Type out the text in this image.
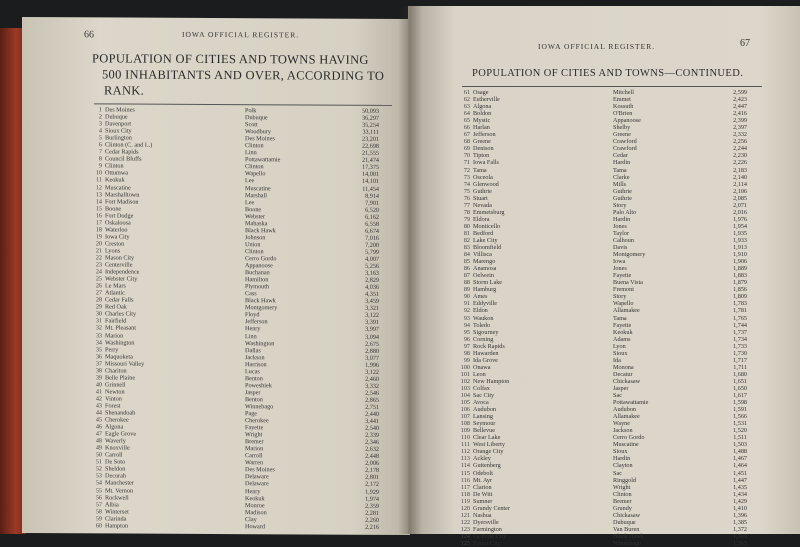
66	IOWA OFFICIAL REGISTER.
POPULATION OF CITIES AND TOWNS HAVING
500 INHABITANTS AND OVER, ACCORDING TO
RANK.
1 Des Moines	Polk	50,093
2 Dubuque	Dubuque	36,297
3 Davenport	Scott	35,254
4 Sioux City	Woodbury	33,111
5 Burlington	Des Moines	23,201
6 Clinton (C. and L.)	Clinton	22,698
7 Cedar Rapids	Linn	21,555
8 Council Bluffs	Pottawattamie	21,474
9 Clinton	Clinton	17,375
10 Ottumwa	Wapello	14,001
11 Keokuk	Lee	14,101
12 Muscatine	Muscatine	11,454
13 Marshalltown	Marshall	8,914
14 Fort Madison	Lee	7,901
15 Boone	Boone	6,520
16 Fort Dodge	Webster	6,162
17 Oskaloosa	Mahaska	6,558
18 Waterloo	Black Hawk	6,674
19 Iowa City	Johnson	7,016
20 Creston	Union	7,200
21 Lyons	Clinton	5,799
22 Mason City	Cerro Gordo	4,007
23 Centerville	Appanoose	5,256
24 Independence	Buchanan	3,163
25 Webster City	Hamilton	2,829
26 Le Mars	Plymouth	4,036
27 Atlantic	Cass	4,351
28 Cedar Falls	Black Hawk	3,459
29 Red Oak	Montgomery	3,321
30 Charles City	Floyd	3,122
31 Fairfield	Jefferson	3,391
32 Mt. Pleasant	Henry	3,997
33 Marion	Linn	3,094
34 Washington	Washington	2,675
35 Perry	Dallas	2,880
36 Maquoketa	Jackson	3,077
37 Missouri Valley	Harrison	1,996
38 Chariton	Lucas	3,122
39 Belle Plaine	Benton	2,460
40 Grinnell	Poweshiek	3,332
41 Newton	Jasper	2,546
42 Vinton	Benton	2,865
43 Forest	Winnebago	2,751
44 Shenandoah	Page	2,440
45 Cherokee	Cherokee	3,441
46 Algona	Fayette	2,540
47 Eagle Grove	Wright	2,339
48 Waverly	Bremer	2,346
49 Knoxville	Marion	2,632
50 Carroll	Carroll	2,448
51 De Soto	Warren	2,006
52 Sheldon	Des Moines	2,178
53 Decorah	Delaware	2,801
54 Manchester	Delaware	2,172
55 Mt. Vernon	Henry	1,929
56 Rockwell	Keokuk	1,974
57 Albia	Monroe	2,359
58 Winterset	Madison	2,281
59 Clarinda	Clay	2,260
60 Hampton	Howard	2,216
IOWA OFFICIAL REGISTER.	67
POPULATION OF CITIES AND TOWNS—CONTINUED.
61 Osage	Mitchell	2,599
62 Estherville	Emmet	2,423
63 Algona	Kossuth	2,447
64 Boldon	O'Brien	2,416
65 Mystic	Appanoose	2,399
66 Harlan	Shelby	2,397
67 Jefferson	Greene	2,332
68 Greene	Crawford	2,256
69 Denison	Crawford	2,244
70 Tipton	Cedar	2,230
71 Iowa Falls	Hardin	2,226
72 Tama	Tama	2,183
73 Osceola	Clarke	2,140
74 Glenwood	Mills	2,114
75 Guthrie	Guthrie	2,106
76 Stuart	Guthrie	2,085
77 Nevada	Story	2,071
78 Emmetsburg	Palo Alto	2,016
79 Eldora	Hardin	1,976
80 Monticello	Jones	1,954
81 Bedford	Taylor	1,935
82 Lake City	Calhoun	1,933
83 Bloomfield	Davis	1,913
84 Villisca	Montgomery	1,910
85 Marengo	Iowa	1,906
86 Anamosa	Jones	1,889
87 Oelwein	Fayette	1,883
88 Storm Lake	Buena Vista	1,879
89 Hamburg	Fremont	1,856
90 Ames	Story	1,809
91 Eddyville	Wapello	1,783
92 Eldon	Allamakee	1,781
93 Waukon	Tama	1,765
94 Toledo	Fayette	1,744
95 Sigourney	Keokuk	1,737
96 Corning	Adams	1,734
97 Rock Rapids	Lyon	1,733
98 Hawarden	Sioux	1,730
99 Ida Grove	Ida	1,717
100 Onawa	Monona	1,711
101 Leon	Decatur	1,680
102 New Hampton	Chickasaw	1,651
103 Colfax	Jasper	1,650
104 Sac City	Sac	1,617
105 Avoca	Pottawattamie	1,598
106 Audubon	Audubon	1,591
107 Lansing	Allamakee	1,566
108 Seymour	Wayne	1,531
109 Bellevue	Jackson	1,520
110 Clear Lake	Cerro Gordo	1,511
111 West Liberty	Muscatine	1,503
112 Orange City	Sioux	1,488
113 Ackley	Hardin	1,467
114 Guttenberg	Clayton	1,464
115 Odebolt	Sac	1,451
116 Mt. Ayr	Ringgold	1,447
117 Clarion	Wright	1,435
118 De Witt	Clinton	1,434
119 Sumner	Bremer	1,429
120 Grundy Center	Grundy	1,410
121 Nashua	Chickasaw	1,396
122 Dyersville	Dubuque	1,385
123 Farmington	Van Buren	1,372
124 La Porte City	Black Hawk	1,369
125 Forest City	Winnebago	1,365
